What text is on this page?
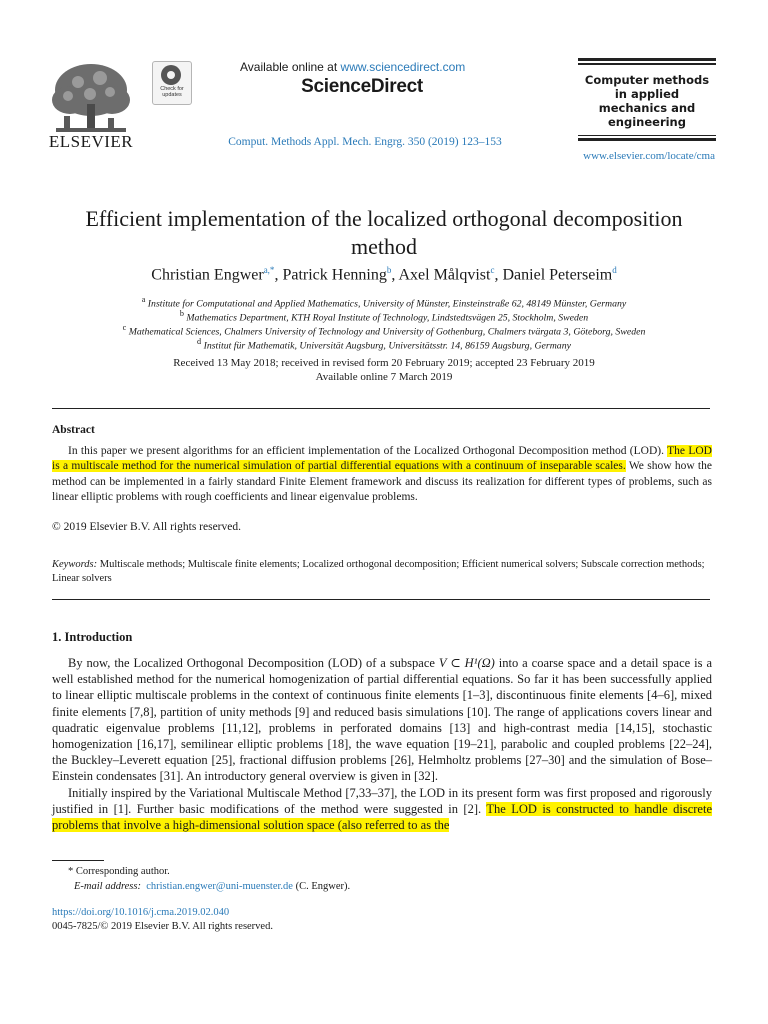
ELSEVIER
Check for
updates
Available online at www.sciencedirect.com
ScienceDirect
Comput. Methods Appl. Mech. Engrg. 350 (2019) 123–153
Computer methods
in applied
mechanics and
engineering
www.elsevier.com/locate/cma
Efficient implementation of the localized orthogonal decomposition
method
Christian Engwer$^{a,*}$, Patrick Henning$^b$, Axel Målqvist$^c$, Daniel Peterseim$^d$
$^a$ Institute for Computational and Applied Mathematics, University of Münster, Einsteinstraße 62, 48149 Münster, Germany
$^b$ Mathematics Department, KTH Royal Institute of Technology, Lindstedtsvägen 25, Stockholm, Sweden
$^c$ Mathematical Sciences, Chalmers University of Technology and University of Gothenburg, Chalmers tvärgata 3, Göteborg, Sweden
$^d$ Institut für Mathematik, Universität Augsburg, Universitätsstr. 14, 86159 Augsburg, Germany
Received 13 May 2018; received in revised form 20 February 2019; accepted 23 February 2019
Available online 7 March 2019
Abstract

In this paper we present algorithms for an efficient implementation of the Localized Orthogonal Decomposition method (LOD). The LOD is a multiscale method for the numerical simulation of partial differential equations with a continuum of inseparable scales. We show how the method can be implemented in a fairly standard Finite Element framework and discuss its realization for different types of problems, such as linear elliptic problems with rough coefficients and linear eigenvalue problems.

© 2019 Elsevier B.V. All rights reserved.
Keywords: Multiscale methods; Multiscale finite elements; Localized orthogonal decomposition; Efficient numerical solvers; Subscale correction methods; Linear solvers
1. Introduction

By now, the Localized Orthogonal Decomposition (LOD) of a subspace V ⊂ H¹(Ω) into a coarse space and a detail space is a well established method for the numerical homogenization of partial differential equations. So far it has been successfully applied to linear elliptic multiscale problems in the context of continuous finite elements [1–3], discontinuous finite elements [4–6], mixed finite elements [7,8], partition of unity methods [9] and reduced basis simulations [10]. The range of applications covers linear and quadratic eigenvalue problems [11,12], problems in perforated domains [13] and high-contrast media [14,15], stochastic homogenization [16,17], semilinear elliptic problems [18], the wave equation [19–21], parabolic and coupled problems [22–24], the Buckley–Leverett equation [25], fractional diffusion problems [26], Helmholtz problems [27–30] and the simulation of Bose–Einstein condensates [31]. An introductory general overview is given in [32].

Initially inspired by the Variational Multiscale Method [7,33–37], the LOD in its present form was first proposed and rigorously justified in [1]. Further basic modifications of the method were suggested in [2]. The LOD is constructed to handle discrete problems that involve a high-dimensional solution space (also referred to as the

* Corresponding author.
E-mail address: christian.engwer@uni-muenster.de (C. Engwer).
https://doi.org/10.1016/j.cma.2019.02.040
0045-7825/© 2019 Elsevier B.V. All rights reserved.
